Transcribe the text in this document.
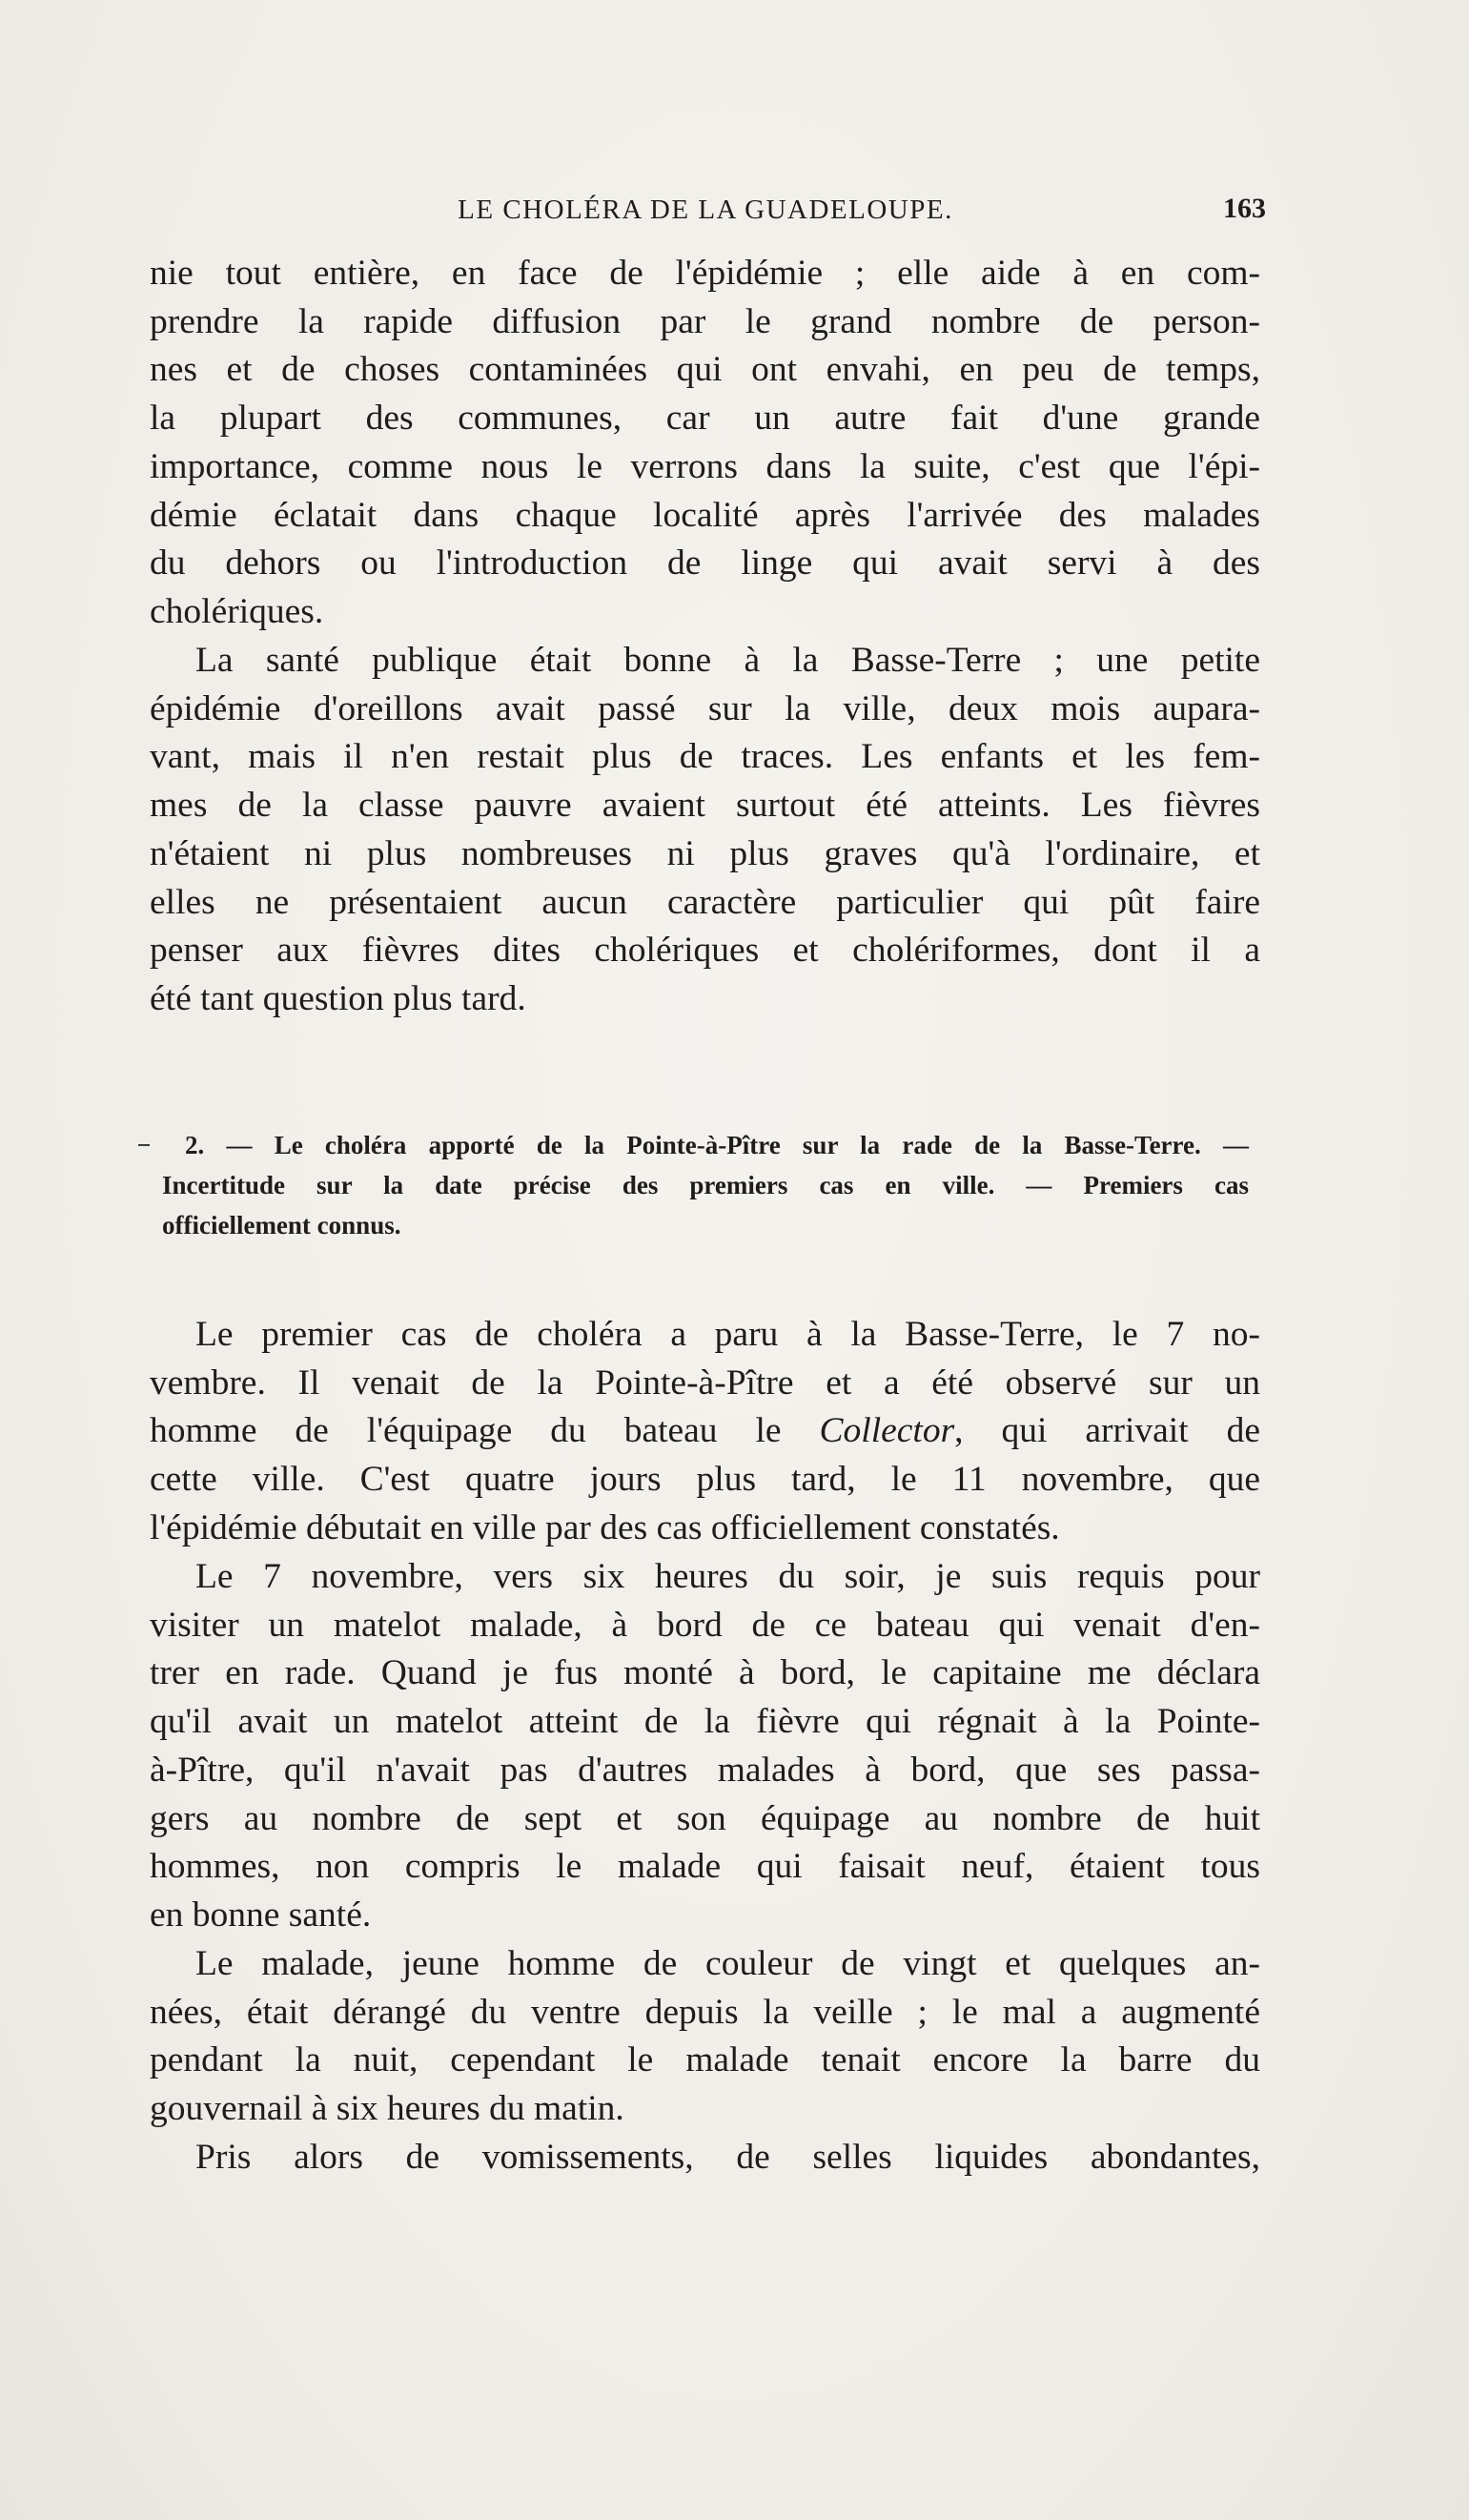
LE CHOLÉRA DE LA GUADELOUPE.	163
nie tout entière, en face de l'épidémie ; elle aide à en com-
prendre la rapide diffusion par le grand nombre de person-
nes et de choses contaminées qui ont envahi, en peu de temps,
la plupart des communes, car un autre fait d'une grande
importance, comme nous le verrons dans la suite, c'est que l'épi-
démie éclatait dans chaque localité après l'arrivée des malades
du dehors ou l'introduction de linge qui avait servi à des
cholériques.
La santé publique était bonne à la Basse-Terre ; une petite
épidémie d'oreillons avait passé sur la ville, deux mois aupara-
vant, mais il n'en restait plus de traces. Les enfants et les fem-
mes de la classe pauvre avaient surtout été atteints. Les fièvres
n'étaient ni plus nombreuses ni plus graves qu'à l'ordinaire, et
elles ne présentaient aucun caractère particulier qui pût faire
penser aux fièvres dites cholériques et cholériformes, dont il a
été tant question plus tard.
2. — Le choléra apporté de la Pointe-à-Pître sur la rade de la Basse-Terre. —
Incertitude sur la date précise des premiers cas en ville. — Premiers cas
officiellement connus.
Le premier cas de choléra a paru à la Basse-Terre, le 7 no-
vembre. Il venait de la Pointe-à-Pître et a été observé sur un
homme de l'équipage du bateau le Collector, qui arrivait de
cette ville. C'est quatre jours plus tard, le 11 novembre, que
l'épidémie débutait en ville par des cas officiellement constatés.
Le 7 novembre, vers six heures du soir, je suis requis pour
visiter un matelot malade, à bord de ce bateau qui venait d'en-
trer en rade. Quand je fus monté à bord, le capitaine me déclara
qu'il avait un matelot atteint de la fièvre qui régnait à la Pointe-
à-Pître, qu'il n'avait pas d'autres malades à bord, que ses passa-
gers au nombre de sept et son équipage au nombre de huit
hommes, non compris le malade qui faisait neuf, étaient tous
en bonne santé.
Le malade, jeune homme de couleur de vingt et quelques an-
nées, était dérangé du ventre depuis la veille ; le mal a augmenté
pendant la nuit, cependant le malade tenait encore la barre du
gouvernail à six heures du matin.
Pris alors de vomissements, de selles liquides abondantes,
